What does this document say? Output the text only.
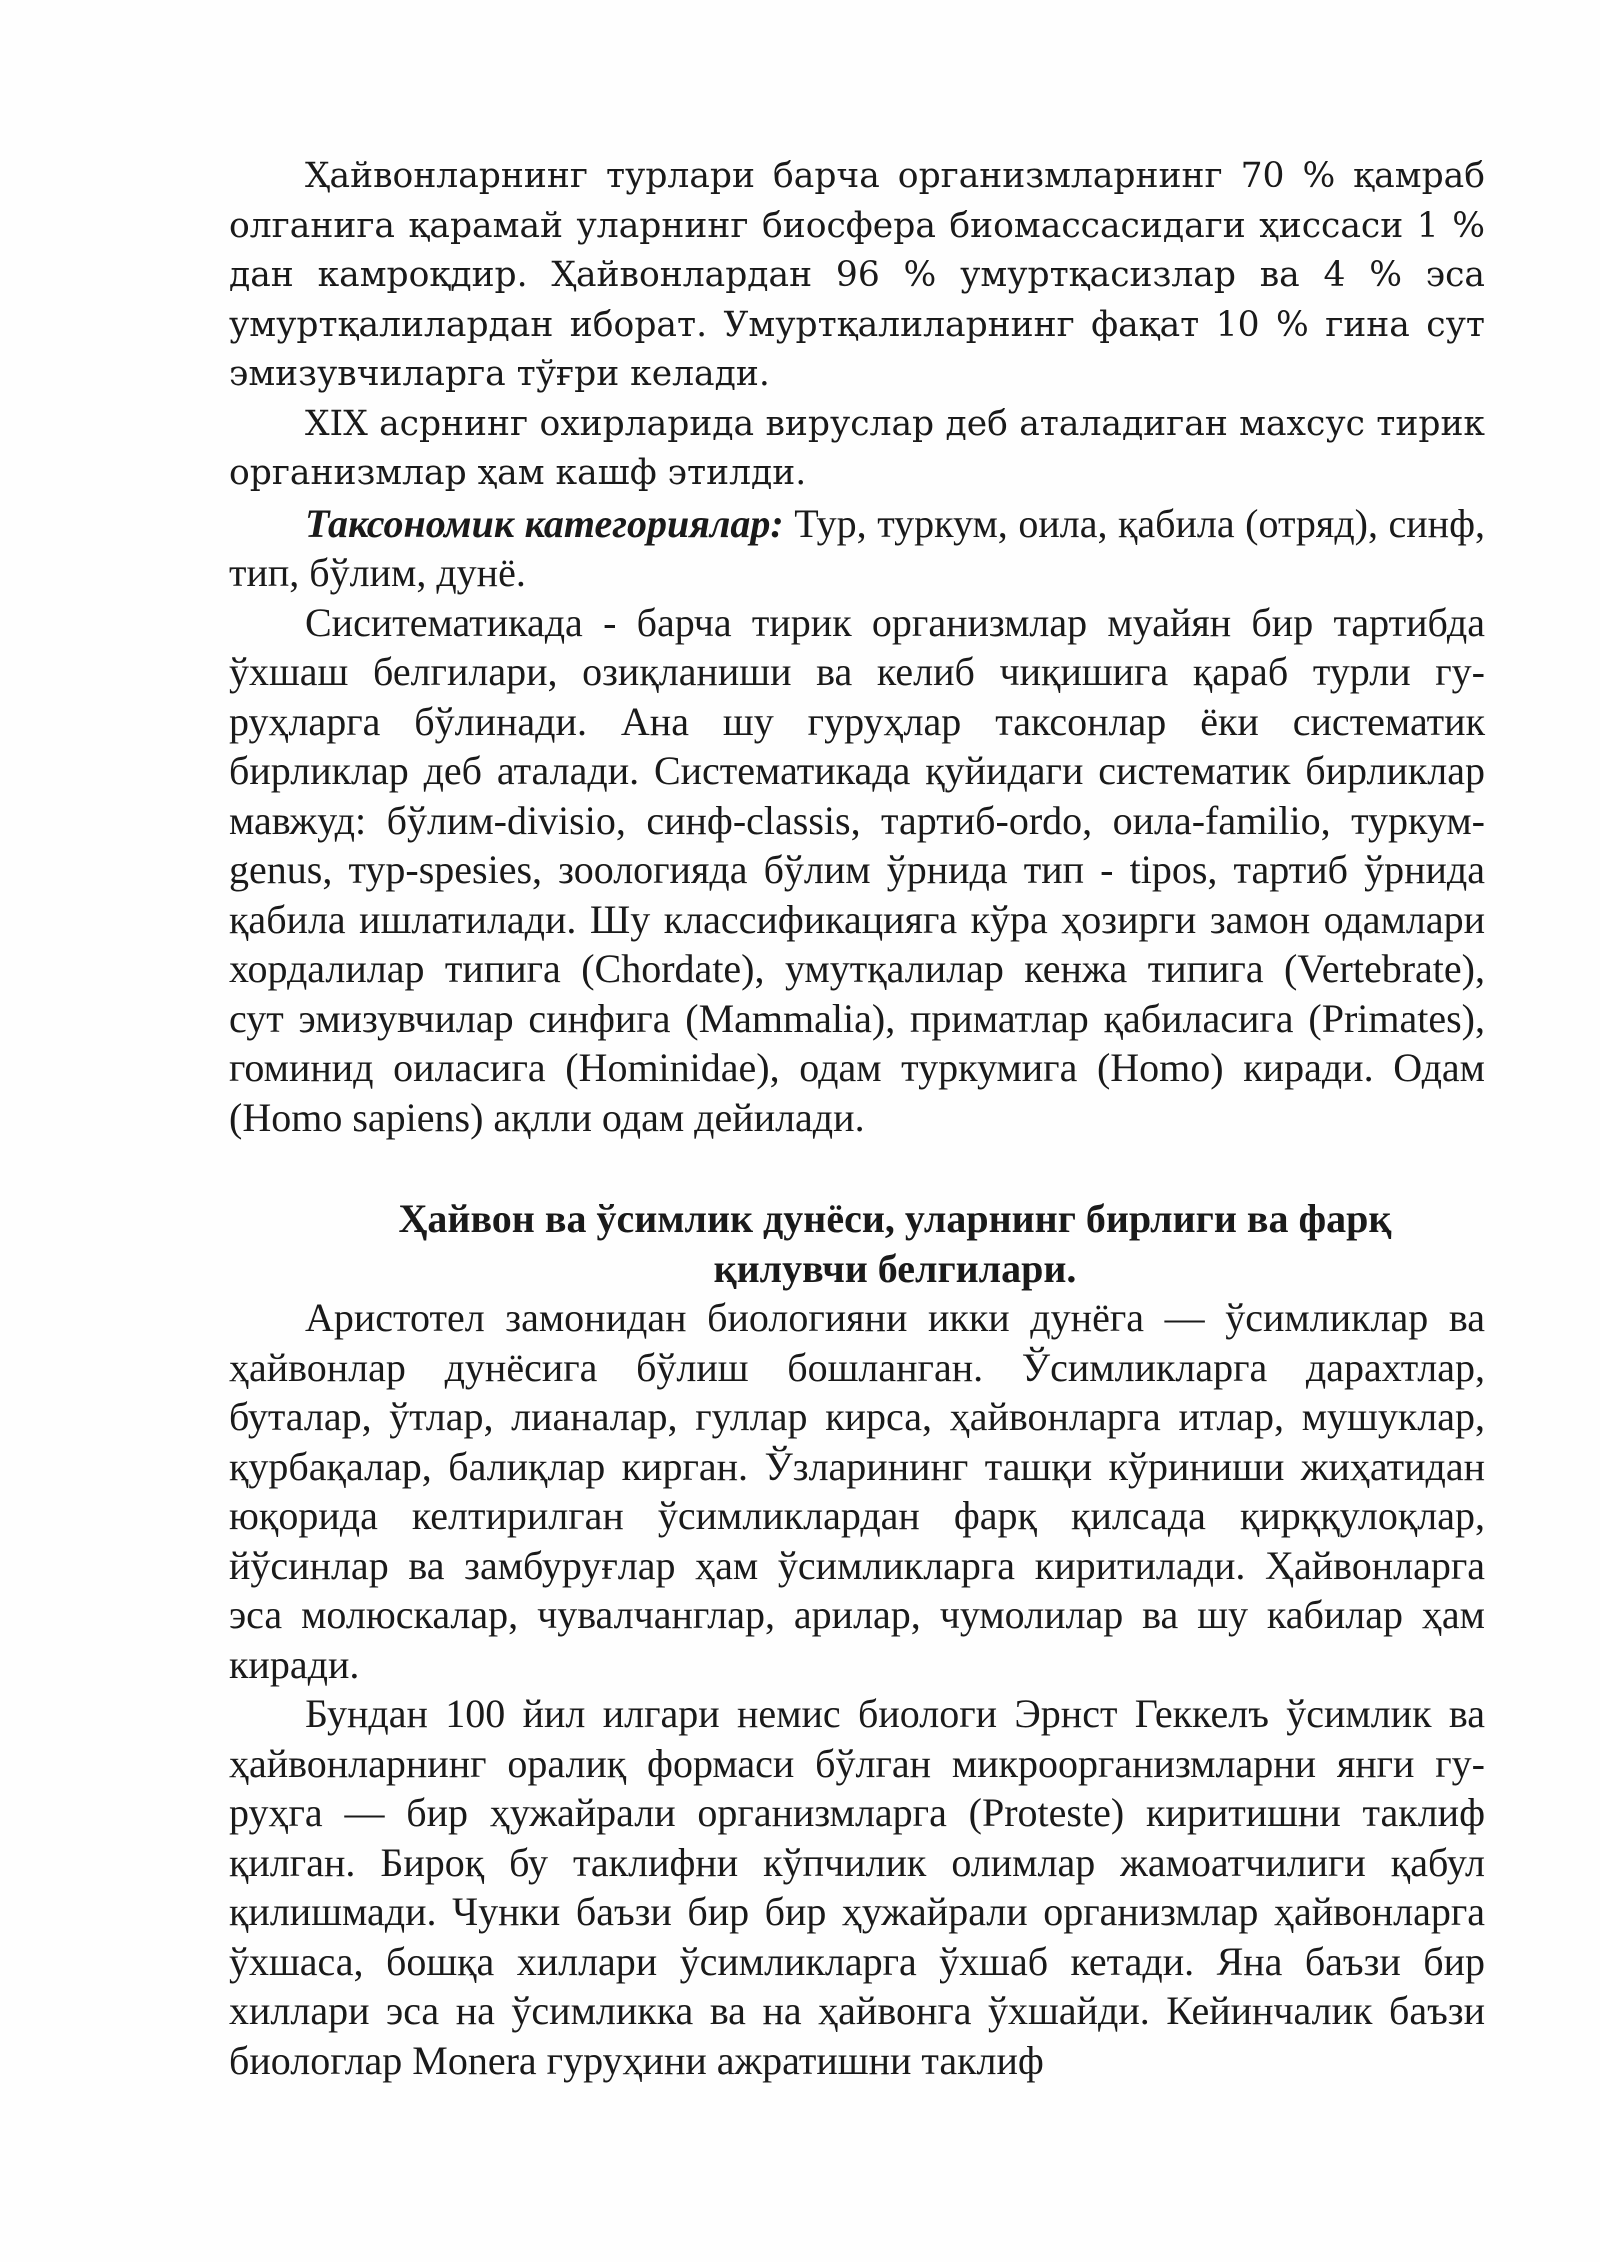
Ҳайвонларнинг турлари барча организмларнинг 70 % қамраб олганига қарамай уларнинг биосфера биомассасидаги ҳиссаси 1 % дан камроқдир. Ҳайвонлардан 96 % умуртқасизлар ва 4 % эса умуртқалилардан иборат. Умуртқалиларнинг фақат 10 % гина сут эмизувчиларга тўғри келади.

XIX асрнинг охирларида вируслар деб аталадиган махсус тирик организмлар ҳам кашф этилди.

Таксономик категориялар: Тур, туркум, оила, қабила (отряд), синф, тип, бўлим, дунё.

Сиситематикада - барча тирик организмлар муайян бир тартибда ўхшаш белгилари, озиқланиши ва келиб чиқишига қараб турли гуруҳларга бўлинади. Ана шу гуруҳлар таксонлар ёки систематик бирликлар деб аталади. Систематикада қуйидаги систематик бирликлар мавжуд: бўлим-divisio, синф-classis, тартиб-ordo, оила-familio, туркум-genus, тур-spesies, зоологияда бўлим ўрнида тип - tipos, тартиб ўрнида қабила ишлатилади. Шу классификацияга кўра ҳозирги замон одамлари хордалилар типига (Chordate), умутқалилар кенжа типига (Vertebrate), сут эмизувчилар синфига (Mammalia), приматлар қабиласига (Primates), гоминид оиласига (Hominidae), одам туркумига (Homo) киради. Одам (Homo sapiens) ақлли одам дейилади.

Ҳайвон ва ўсимлик дунёси, уларнинг бирлиги ва фарқ
қилувчи белгилари.

Аристотел замонидан биологияни икки дунёга — ўсимликлар ва ҳайвонлар дунёсига бўлиш бошланган. Ўсимликларга дарахтлар, буталар, ўтлар, лианалар, гуллар кирса, ҳайвонларга итлар, мушуклар, қурбақалар, балиқлар кирган. Ўзларининг ташқи кўриниши жиҳатидан юқорида келтирилган ўсимликлардан фарқ қилсада қирққулоқлар, йўсинлар ва замбуруғлар ҳам ўсимликларга киритилади. Ҳайвонларга эса молюскалар, чувалчанглар, арилар, чумолилар ва шу кабилар ҳам киради.

Бундан 100 йил илгари немис биологи Эрнст Геккелъ ўсимлик ва ҳайвонларнинг оралиқ формаси бўлган микроорганизмларни янги гуруҳга — бир ҳужайрали организмларга (Proteste) киритишни таклиф қилган. Бироқ бу таклифни кўпчилик олимлар жамоатчилиги қабул қилишмади. Чунки баъзи бир бир ҳужайрали организмлар ҳайвонларга ўхшаса, бошқа хиллари ўсимликларга ўхшаб кетади. Яна баъзи бир хиллари эса на ўсимликка ва на ҳайвонга ўхшайди. Кейинчалик баъзи биологлар Monera гуруҳини ажратишни таклиф
